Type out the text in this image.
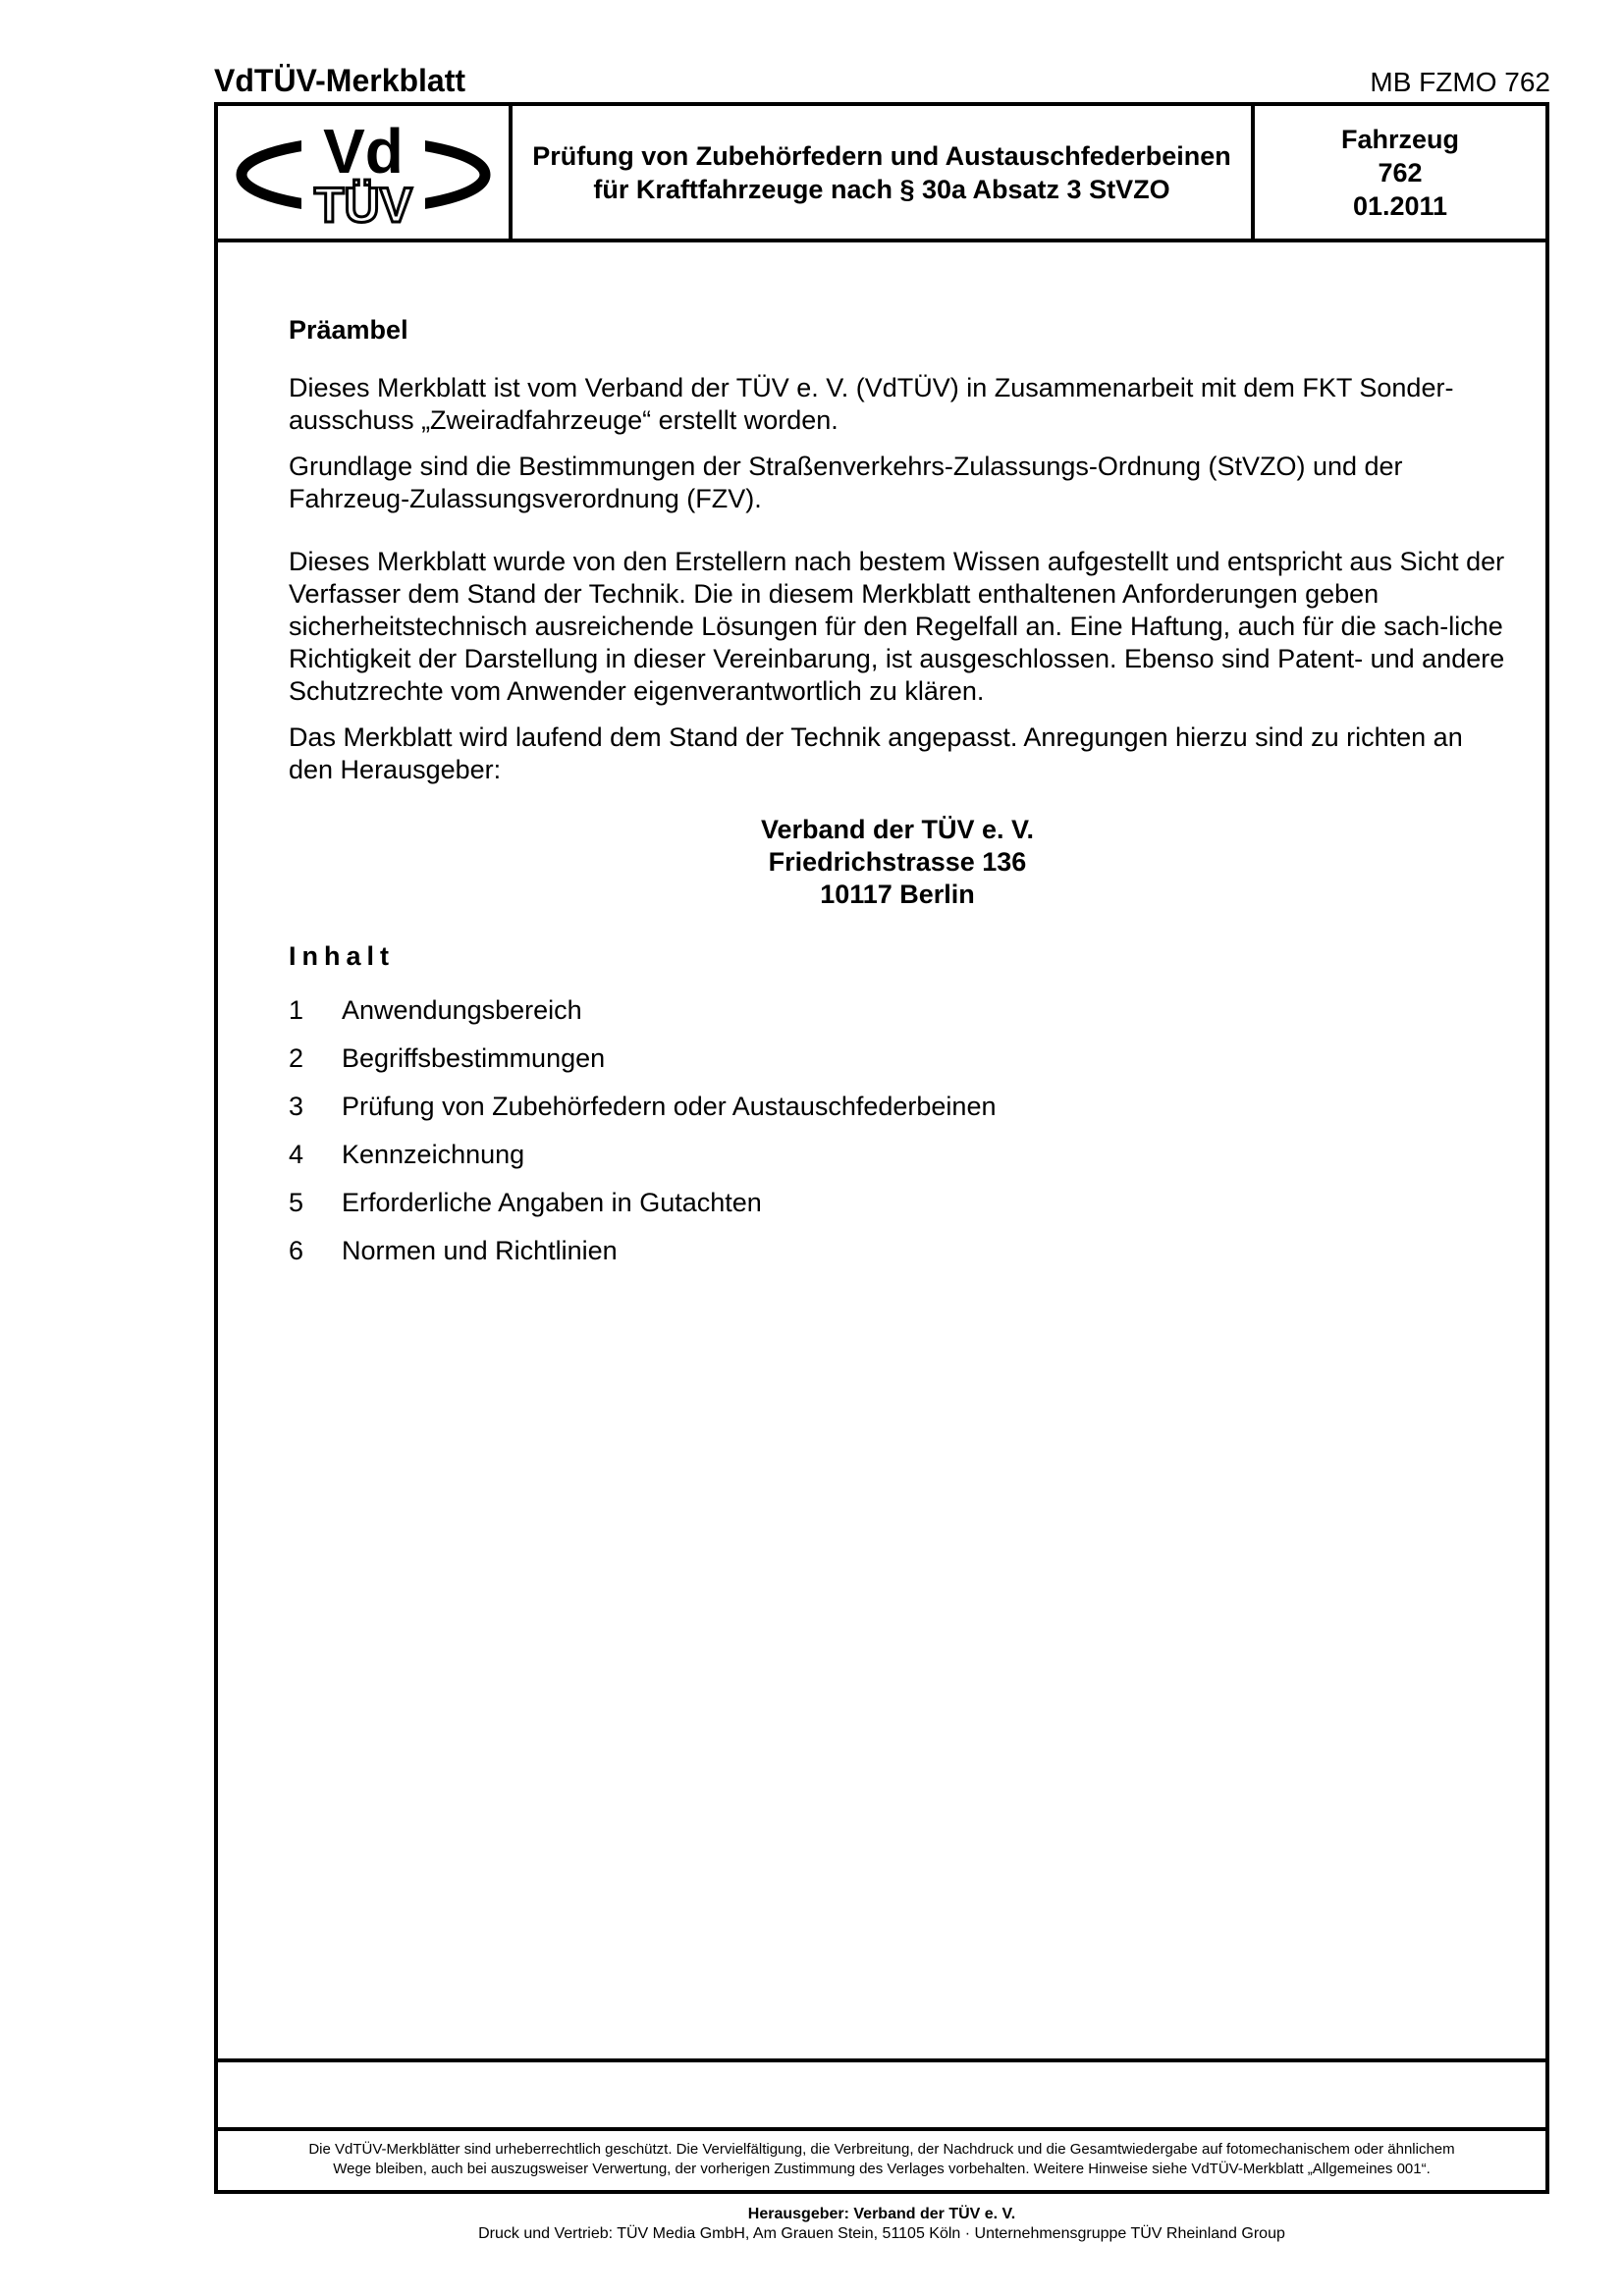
VdTÜV-Merkblatt	MB FZMO 762
Vd
TÜV
Prüfung von Zubehörfedern und Austauschfederbeinen
für Kraftfahrzeuge nach § 30a Absatz 3 StVZO
Fahrzeug
762
01.2011
Die VdTÜV-Merkblätter sind urheberrechtlich geschützt. Die Vervielfältigung, die Verbreitung, der Nachdruck und die Gesamtwiedergabe auf fotomechanischem oder ähnlichem
Wege bleiben, auch bei auszugsweiser Verwertung, der vorherigen Zustimmung des Verlages vorbehalten. Weitere Hinweise siehe VdTÜV-Merkblatt „Allgemeines 001“.
Präambel

Dieses Merkblatt ist vom Verband der TÜV e. V. (VdTÜV) in Zusammenarbeit mit dem FKT Sonder-ausschuss „Zweiradfahrzeuge“ erstellt worden.

Grundlage sind die Bestimmungen der Straßenverkehrs-Zulassungs-Ordnung (StVZO) und der Fahrzeug-Zulassungsverordnung (FZV).

Dieses Merkblatt wurde von den Erstellern nach bestem Wissen aufgestellt und entspricht aus Sicht der Verfasser dem Stand der Technik. Die in diesem Merkblatt enthaltenen Anforderungen geben sicherheitstechnisch ausreichende Lösungen für den Regelfall an. Eine Haftung, auch für die sach-liche Richtigkeit der Darstellung in dieser Vereinbarung, ist ausgeschlossen. Ebenso sind Patent- und andere Schutzrechte vom Anwender eigenverantwortlich zu klären.

Das Merkblatt wird laufend dem Stand der Technik angepasst. Anregungen hierzu sind zu richten an den Herausgeber:

Verband der TÜV e. V.
Friedrichstrasse 136
10117 Berlin
Inhalt
1	Anwendungsbereich
2	Begriffsbestimmungen
3	Prüfung von Zubehörfedern oder Austauschfederbeinen
4	Kennzeichnung
5	Erforderliche Angaben in Gutachten
6	Normen und Richtlinien
Herausgeber: Verband der TÜV e. V.
Druck und Vertrieb: TÜV Media GmbH, Am Grauen Stein, 51105 Köln · Unternehmensgruppe TÜV Rheinland Group
